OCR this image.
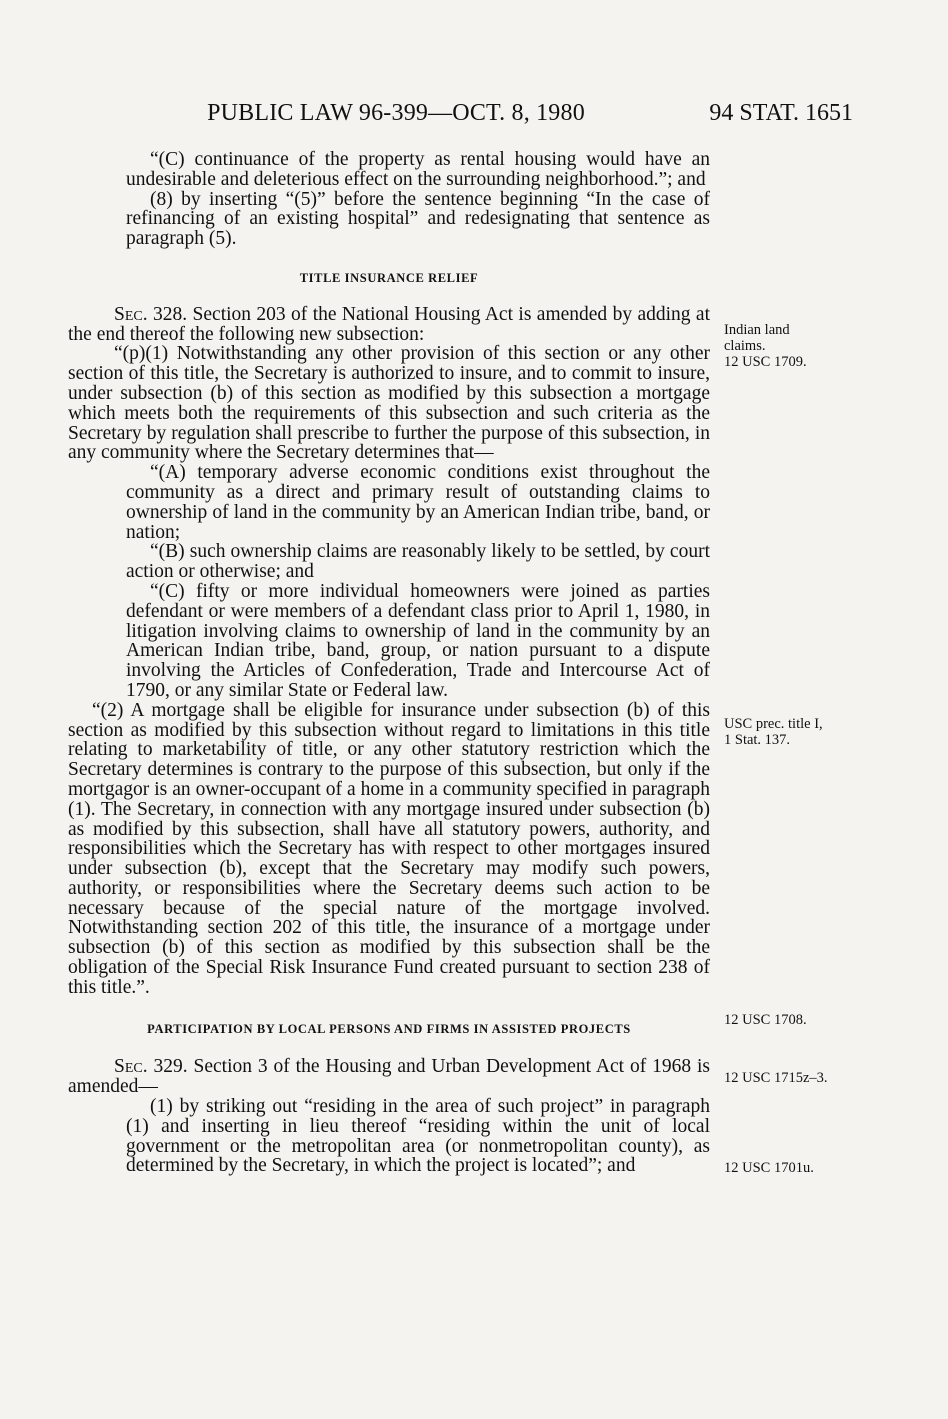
PUBLIC LAW 96-399—OCT. 8, 1980	94 STAT. 1651

“(C) continuance of the property as rental housing would have an undesirable and deleterious effect on the surrounding neighborhood.”; and

(8) by inserting “(5)” before the sentence beginning “In the case of refinancing of an existing hospital” and redesignating that sentence as paragraph (5).

TITLE INSURANCE RELIEF

Sec. 328. Section 203 of the National Housing Act is amended by adding at the end thereof the following new subsection:

“(p)(1) Notwithstanding any other provision of this section or any other section of this title, the Secretary is authorized to insure, and to commit to insure, under subsection (b) of this section as modified by this subsection a mortgage which meets both the requirements of this subsection and such criteria as the Secretary by regulation shall prescribe to further the purpose of this subsection, in any community where the Secretary determines that—

“(A) temporary adverse economic conditions exist throughout the community as a direct and primary result of outstanding claims to ownership of land in the community by an American Indian tribe, band, or nation;

“(B) such ownership claims are reasonably likely to be settled, by court action or otherwise; and

“(C) fifty or more individual homeowners were joined as parties defendant or were members of a defendant class prior to April 1, 1980, in litigation involving claims to ownership of land in the community by an American Indian tribe, band, group, or nation pursuant to a dispute involving the Articles of Confederation, Trade and Intercourse Act of 1790, or any similar State or Federal law.

“(2) A mortgage shall be eligible for insurance under subsection (b) of this section as modified by this subsection without regard to limitations in this title relating to marketability of title, or any other statutory restriction which the Secretary determines is contrary to the purpose of this subsection, but only if the mortgagor is an owner-occupant of a home in a community specified in paragraph (1). The Secretary, in connection with any mortgage insured under subsection (b) as modified by this subsection, shall have all statutory powers, authority, and responsibilities which the Secretary has with respect to other mortgages insured under subsection (b), except that the Secretary may modify such powers, authority, or responsibilities where the Secretary deems such action to be necessary because of the special nature of the mortgage involved. Notwithstanding section 202 of this title, the insurance of a mortgage under subsection (b) of this section as modified by this subsection shall be the obligation of the Special Risk Insurance Fund created pursuant to section 238 of this title.”.

PARTICIPATION BY LOCAL PERSONS AND FIRMS IN ASSISTED PROJECTS

Sec. 329. Section 3 of the Housing and Urban Development Act of 1968 is amended—

(1) by striking out “residing in the area of such project” in paragraph (1) and inserting in lieu thereof “residing within the unit of local government or the metropolitan area (or nonmetropolitan county), as determined by the Secretary, in which the project is located”; and

Indian land
claims.
12 USC 1709.
USC prec. title I,
1 Stat. 137.
12 USC 1708.
12 USC 1715z–3.
12 USC 1701u.
